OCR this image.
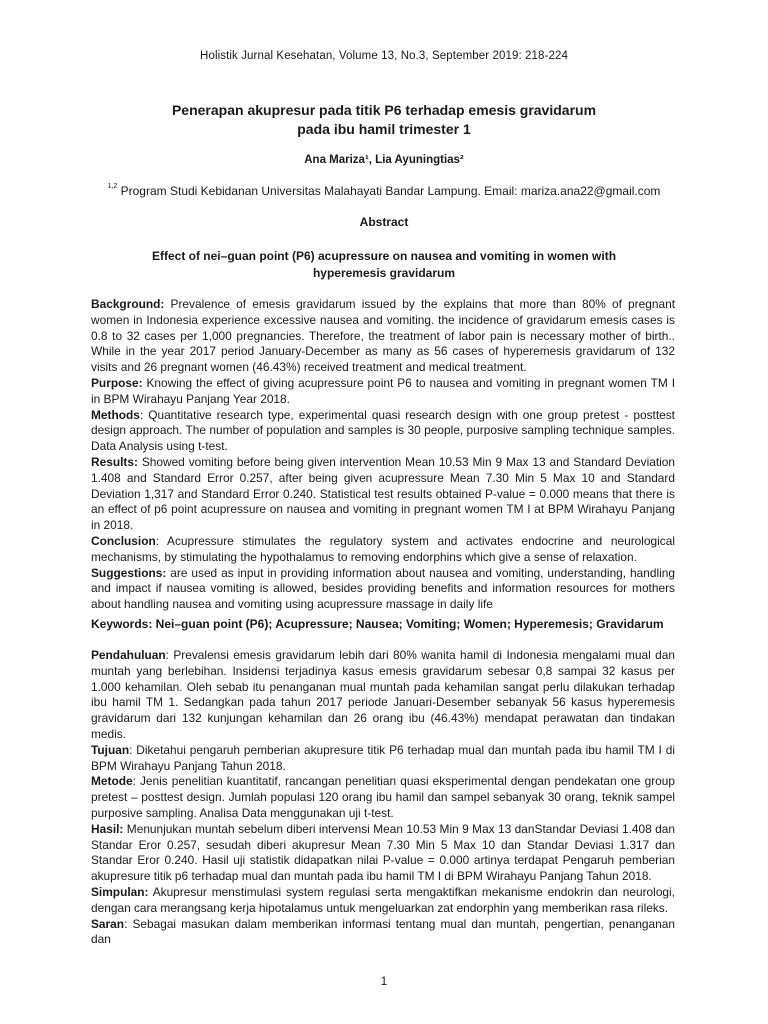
Holistik Jurnal Kesehatan, Volume 13, No.3, September 2019: 218-224
Penerapan akupresur pada titik P6 terhadap emesis gravidarum
pada ibu hamil trimester 1
Ana Mariza¹, Lia Ayuningtias²
$^{1,2}$ Program Studi Kebidanan Universitas Malahayati Bandar Lampung. Email: mariza.ana22@gmail.com
Abstract
Effect of nei–guan point (P6) acupressure on nausea and vomiting in women with
hyperemesis gravidarum

Background: Prevalence of emesis gravidarum issued by the explains that more than 80% of pregnant women in Indonesia experience excessive nausea and vomiting. the incidence of gravidarum emesis cases is 0.8 to 32 cases per 1,000 pregnancies. Therefore, the treatment of labor pain is necessary mother of birth.. While in the year 2017 period January-December as many as 56 cases of hyperemesis gravidarum of 132 visits and 26 pregnant women (46.43%) received treatment and medical treatment.

Purpose: Knowing the effect of giving acupressure point P6 to nausea and vomiting in pregnant women TM I in BPM Wirahayu Panjang Year 2018.

Methods: Quantitative research type, experimental quasi research design with one group pretest - posttest design approach. The number of population and samples is 30 people, purposive sampling technique samples. Data Analysis using t-test.

Results: Showed vomiting before being given intervention Mean 10.53 Min 9 Max 13 and Standard Deviation 1.408 and Standard Error 0.257, after being given acupressure Mean 7.30 Min 5 Max 10 and Standard Deviation 1,317 and Standard Error 0.240. Statistical test results obtained P-value = 0.000 means that there is an effect of p6 point acupressure on nausea and vomiting in pregnant women TM I at BPM Wirahayu Panjang in 2018.

Conclusion: Acupressure stimulates the regulatory system and activates endocrine and neurological mechanisms, by stimulating the hypothalamus to removing endorphins which give a sense of relaxation.

Suggestions: are used as input in providing information about nausea and vomiting, understanding, handling and impact if nausea vomiting is allowed, besides providing benefits and information resources for mothers about handling nausea and vomiting using acupressure massage in daily life

Keywords: Nei–guan point (P6); Acupressure; Nausea; Vomiting; Women; Hyperemesis; Gravidarum

Pendahuluan: Prevalensi emesis gravidarum lebih dari 80% wanita hamil di Indonesia mengalami mual dan muntah yang berlebihan. Insidensi terjadinya kasus emesis gravidarum sebesar 0,8 sampai 32 kasus per 1.000 kehamilan. Oleh sebab itu penanganan mual muntah pada kehamilan sangat perlu dilakukan terhadap ibu hamil TM 1. Sedangkan pada tahun 2017 periode Januari-Desember sebanyak 56 kasus hyperemesis gravidarum dari 132 kunjungan kehamilan dan 26 orang ibu (46.43%) mendapat perawatan dan tindakan medis.

Tujuan: Diketahui pengaruh pemberian akupresure titik P6 terhadap mual dan muntah pada ibu hamil TM I di BPM Wirahayu Panjang Tahun 2018.

Metode: Jenis penelitian kuantitatif, rancangan penelitian quasi eksperimental dengan pendekatan one group pretest – posttest design. Jumlah populasi 120 orang ibu hamil dan sampel sebanyak 30 orang, teknik sampel purposive sampling. Analisa Data menggunakan uji t-test.

Hasil: Menunjukan muntah sebelum diberi intervensi Mean 10.53 Min 9 Max 13 danStandar Deviasi 1.408 dan Standar Eror 0.257, sesudah diberi akupresur Mean 7.30 Min 5 Max 10 dan Standar Deviasi 1.317 dan Standar Eror 0.240. Hasil uji statistik didapatkan nilai P-value = 0.000 artinya terdapat Pengaruh pemberian akupresure titik p6 terhadap mual dan muntah pada ibu hamil TM I di BPM Wirahayu Panjang Tahun 2018.

Simpulan: Akupresur menstimulasi system regulasi serta mengaktifkan mekanisme endokrin dan neurologi, dengan cara merangsang kerja hipotalamus untuk mengeluarkan zat endorphin yang memberikan rasa rileks.

Saran: Sebagai masukan dalam memberikan informasi tentang mual dan muntah, pengertian, penanganan dan

1
